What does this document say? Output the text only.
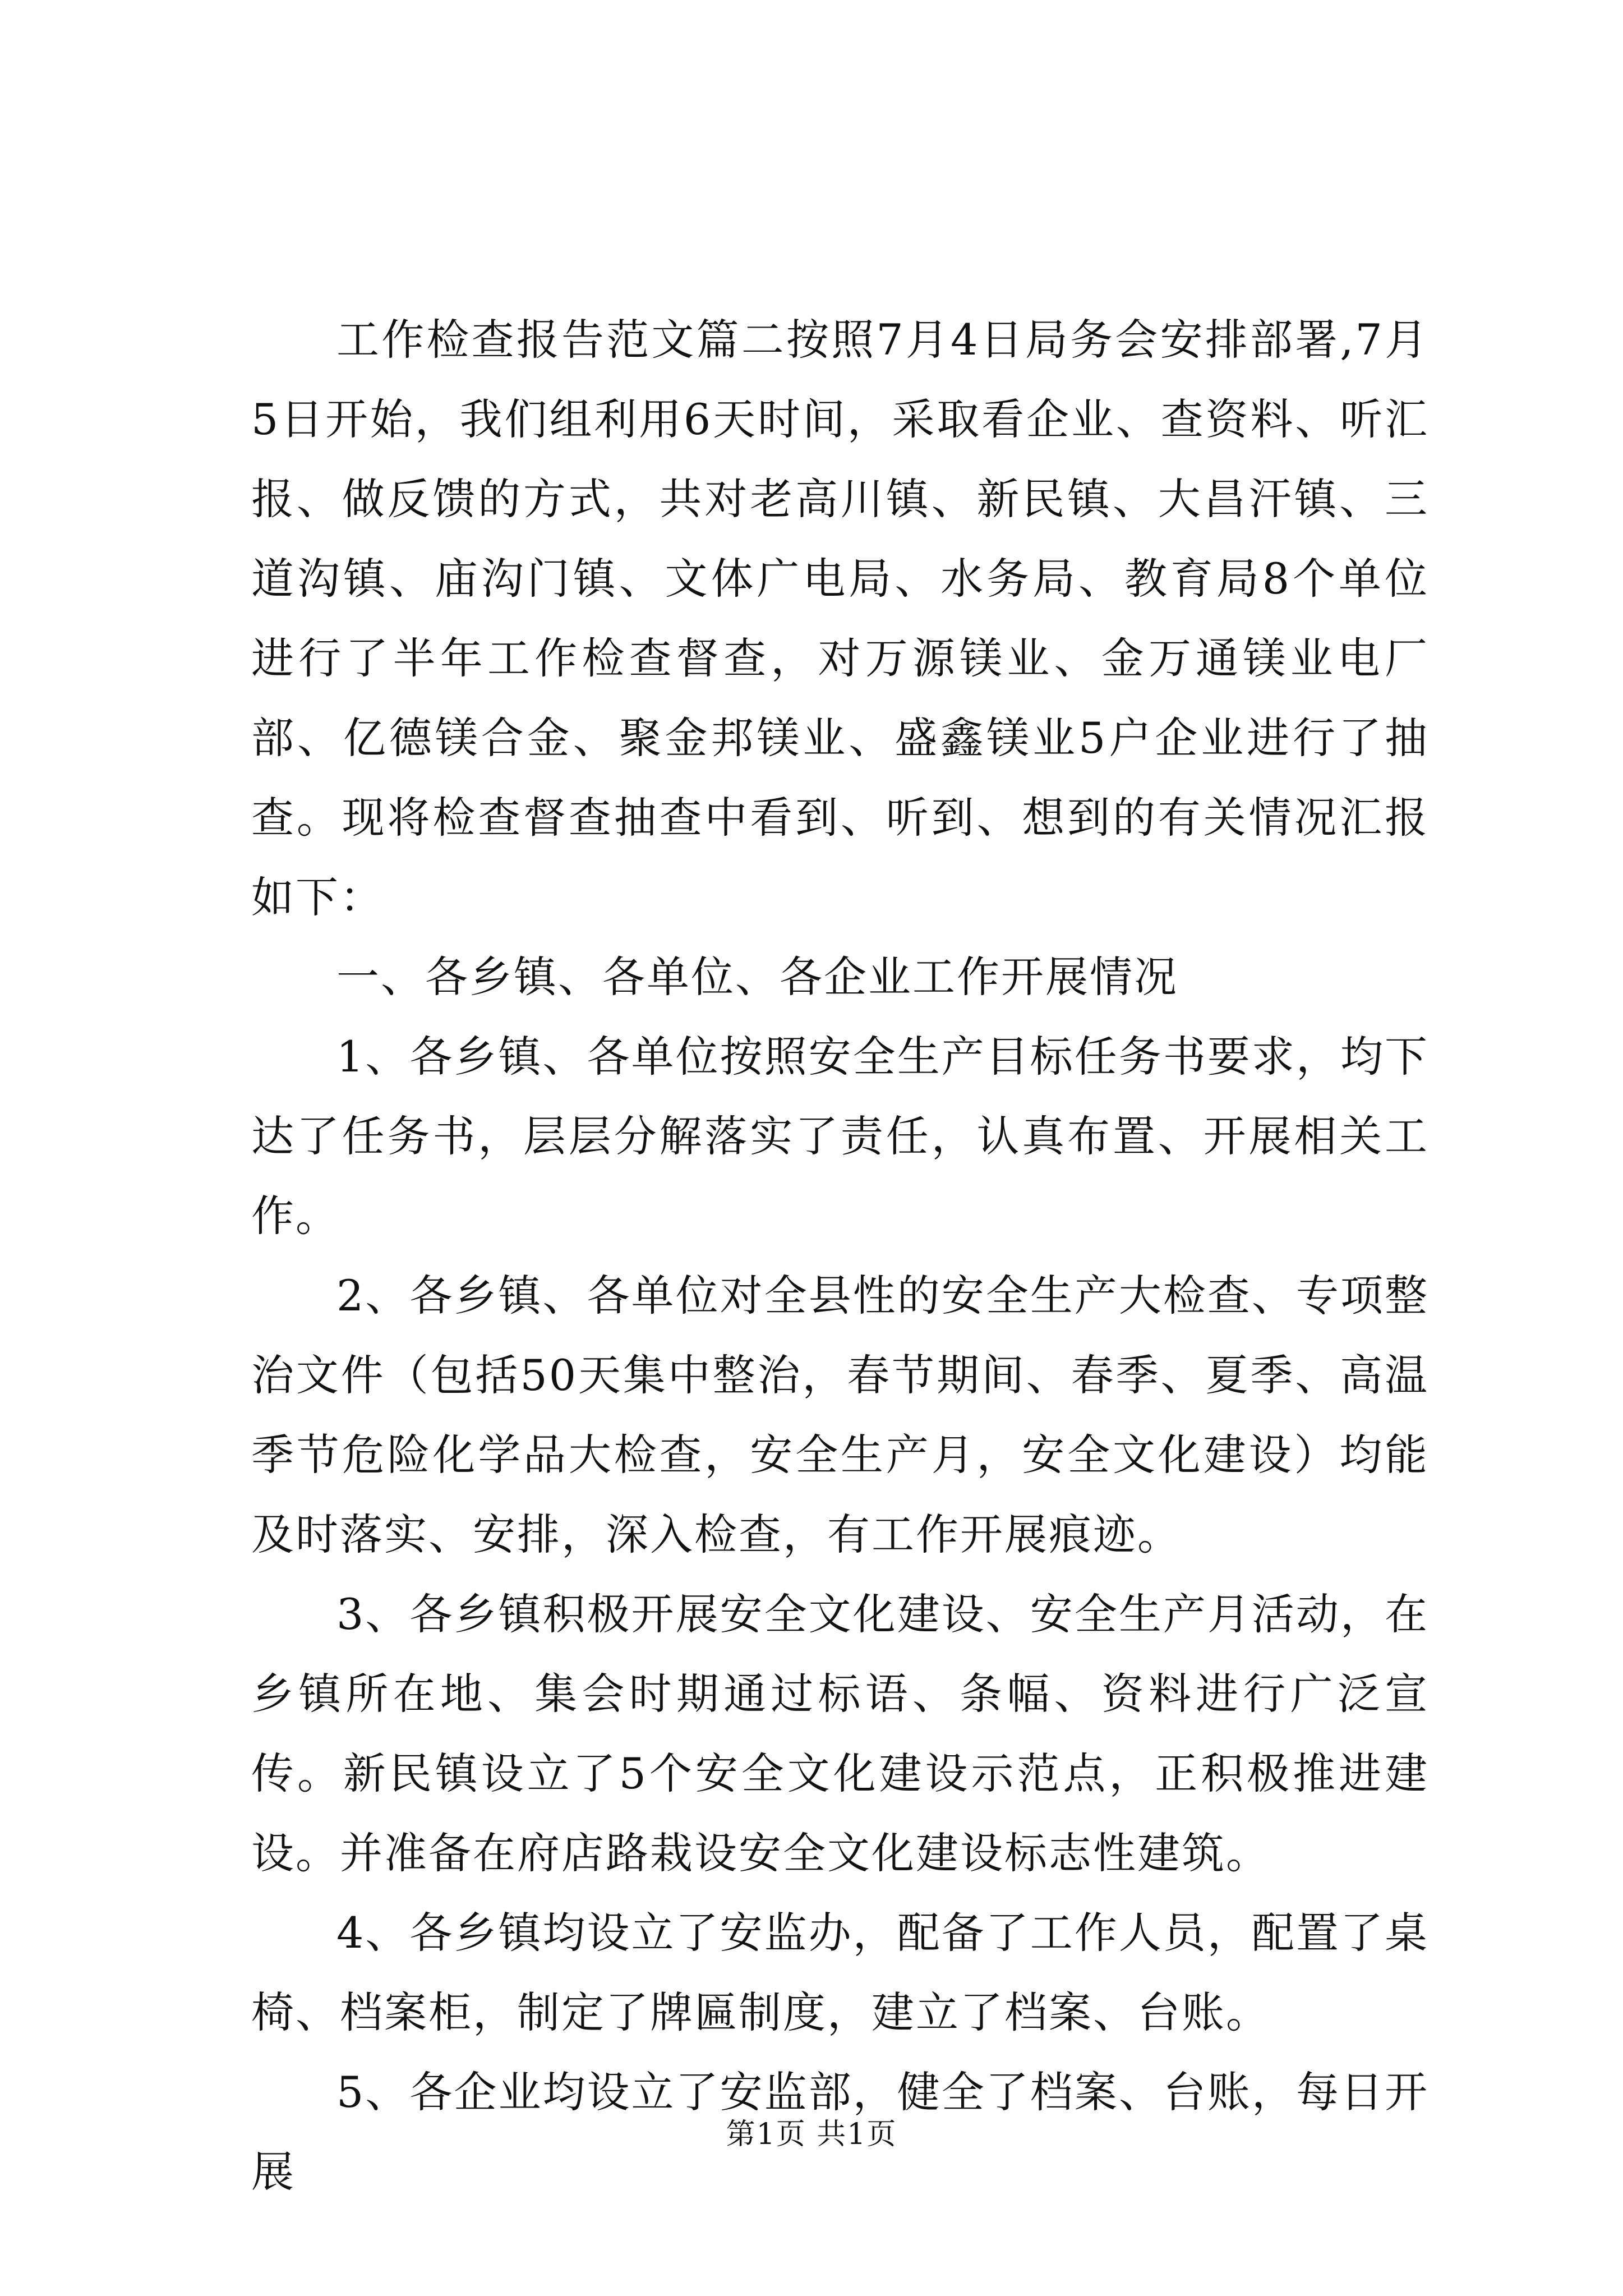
工作检查报告范文篇二按照7月4日局务会安排部署,7月5日开始，我们组利用6天时间，采取看企业、查资料、听汇报、做反馈的方式，共对老高川镇、新民镇、大昌汗镇、三道沟镇、庙沟门镇、文体广电局、水务局、教育局8个单位进行了半年工作检查督查，对万源镁业、金万通镁业电厂部、亿德镁合金、聚金邦镁业、盛鑫镁业5户企业进行了抽查。现将检查督查抽查中看到、听到、想到的有关情况汇报如下：

一、各乡镇、各单位、各企业工作开展情况

1、各乡镇、各单位按照安全生产目标任务书要求，均下达了任务书，层层分解落实了责任，认真布置、开展相关工作。

2、各乡镇、各单位对全县性的安全生产大检查、专项整治文件（包括50天集中整治，春节期间、春季、夏季、高温季节危险化学品大检查，安全生产月，安全文化建设）均能及时落实、安排，深入检查，有工作开展痕迹。

3、各乡镇积极开展安全文化建设、安全生产月活动，在乡镇所在地、集会时期通过标语、条幅、资料进行广泛宣传。新民镇设立了5个安全文化建设示范点，正积极推进建设。并准备在府店路栽设安全文化建设标志性建筑。

4、各乡镇均设立了安监办，配备了工作人员，配置了桌椅、档案柜，制定了牌匾制度，建立了档案、台账。

5、各企业均设立了安监部，健全了档案、台账，每日开展

第1页 共1页
